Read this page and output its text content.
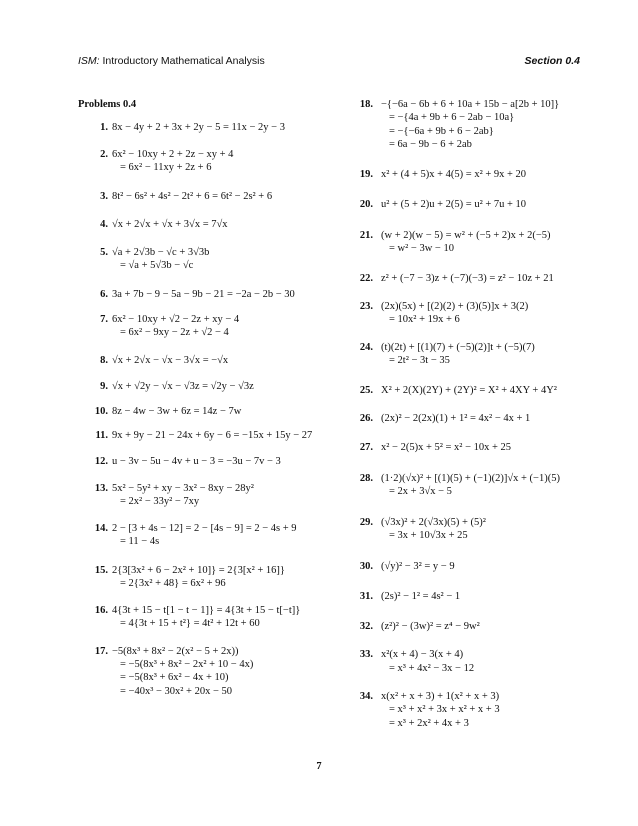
ISM: Introductory Mathematical Analysis	Section 0.4
Problems 0.4
1. 8x − 4y + 2 + 3x + 2y − 5 = 11x − 2y − 3
2. 6x² − 10xy + 2 + 2z − xy + 4
= 6x² − 11xy + 2z + 6
3. 8t² − 6s² + 4s² − 2t² + 6 = 6t² − 2s² + 6
4. √x + 2√x + √x + 3√x = 7√x
5. √a + 2√3b − √c + 3√3b
= √a + 5√3b − √c
6. 3a + 7b − 9 − 5a − 9b − 21 = −2a − 2b − 30
7. 6x² − 10xy + √2 − 2z + xy − 4
= 6x² − 9xy − 2z + √2 − 4
8. √x + 2√x − √x − 3√x = −√x
9. √x + √2y − √x − √3z = √2y − √3z
10. 8z − 4w − 3w + 6z = 14z − 7w
11. 9x + 9y − 21 − 24x + 6y − 6 = −15x + 15y − 27
12. u − 3v − 5u − 4v + u − 3 = −3u − 7v − 3
13. 5x² − 5y² + xy − 3x² − 8xy − 28y²
= 2x² − 33y² − 7xy
14. 2 − [3 + 4s − 12] = 2 − [4s − 9] = 2 − 4s + 9
= 11 − 4s
15. 2{3[3x² + 6 − 2x² + 10]} = 2{3[x² + 16]}
= 2{3x² + 48} = 6x² + 96
16. 4{3t + 15 − t[1 − t − 1]} = 4{3t + 15 − t[−t]}
= 4{3t + 15 + t²} = 4t² + 12t + 60
17. −5(8x³ + 8x² − 2(x² − 5 + 2x))
= −5(8x³ + 8x² − 2x² + 10 − 4x)
= −5(8x³ + 6x² − 4x + 10)
= −40x³ − 30x² + 20x − 50
18. −{−6a − 6b + 6 + 10a + 15b − a[2b + 10]}
= −{4a + 9b + 6 − 2ab − 10a}
= −{−6a + 9b + 6 − 2ab}
= 6a − 9b − 6 + 2ab
19. x² + (4 + 5)x + 4(5) = x² + 9x + 20
20. u² + (5 + 2)u + 2(5) = u² + 7u + 10
21. (w + 2)(w − 5) = w² + (−5 + 2)x + 2(−5)
= w² − 3w − 10
22. z² + (−7 − 3)z + (−7)(−3) = z² − 10z + 21
23. (2x)(5x) + [(2)(2) + (3)(5)]x + 3(2)
= 10x² + 19x + 6
24. (t)(2t) + [(1)(7) + (−5)(2)]t + (−5)(7)
= 2t² − 3t − 35
25. X² + 2(X)(2Y) + (2Y)² = X² + 4XY + 4Y²
26. (2x)² − 2(2x)(1) + 1² = 4x² − 4x + 1
27. x² − 2(5)x + 5² = x² − 10x + 25
28. (1·2)(√x)² + [(1)(5) + (−1)(2)]√x + (−1)(5)
= 2x + 3√x − 5
29. (√3x)² + 2(√3x)(5) + (5)²
= 3x + 10√3x + 25
30. (√y)² − 3² = y − 9
31. (2s)² − 1² = 4s² − 1
32. (z²)² − (3w)² = z⁴ − 9w²
33. x²(x + 4) − 3(x + 4)
= x³ + 4x² − 3x − 12
34. x(x² + x + 3) + 1(x² + x + 3)
= x³ + x² + 3x + x² + x + 3
= x³ + 2x² + 4x + 3
7
